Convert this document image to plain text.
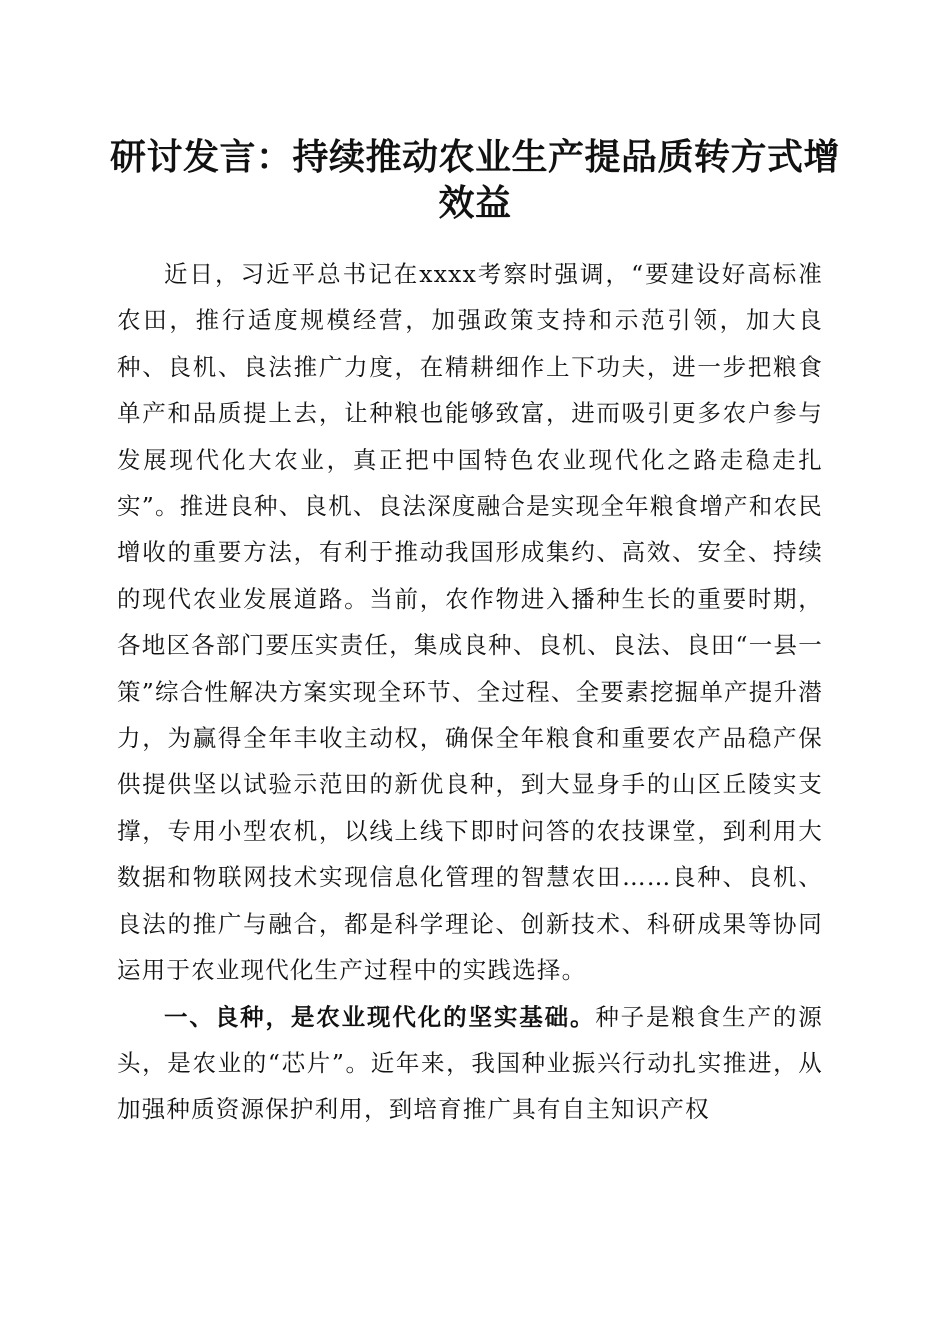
研讨发言：持续推动农业生产提品质转方式增效益

近日，习近平总书记在xxxx考察时强调，“要建设好高标准农田，推行适度规模经营，加强政策支持和示范引领，加大良种、良机、良法推广力度，在精耕细作上下功夫，进一步把粮食单产和品质提上去，让种粮也能够致富，进而吸引更多农户参与发展现代化大农业，真正把中国特色农业现代化之路走稳走扎实”。推进良种、良机、良法深度融合是实现全年粮食增产和农民增收的重要方法，有利于推动我国形成集约、高效、安全、持续的现代农业发展道路。当前，农作物进入播种生长的重要时期，各地区各部门要压实责任，集成良种、良机、良法、良田“一县一策”综合性解决方案实现全环节、全过程、全要素挖掘单产提升潜力，为赢得全年丰收主动权，确保全年粮食和重要农产品稳产保供提供坚以试验示范田的新优良种，到大显身手的山区丘陵实支撑，专用小型农机，以线上线下即时问答的农技课堂，到利用大数据和物联网技术实现信息化管理的智慧农田……良种、良机、良法的推广与融合，都是科学理论、创新技术、科研成果等协同运用于农业现代化生产过程中的实践选择。

一、良种，是农业现代化的坚实基础。种子是粮食生产的源头，是农业的“芯片”。近年来，我国种业振兴行动扎实推进，从加强种质资源保护利用，到培育推广具有自主知识产权
